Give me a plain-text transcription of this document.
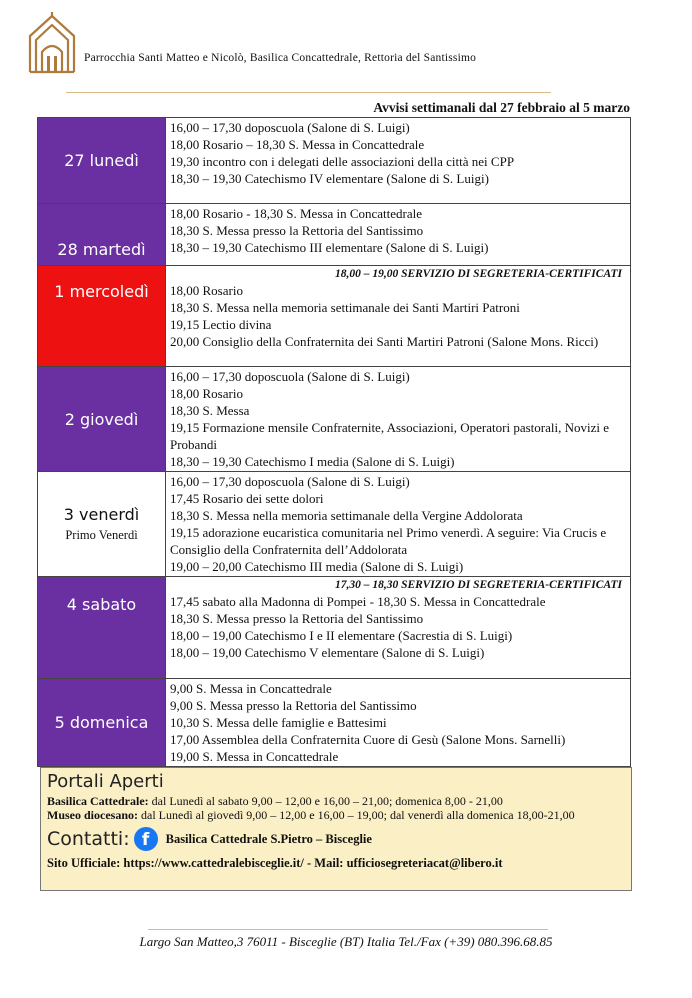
Parrocchia Santi Matteo e Nicolò, Basilica Concattedrale, Rettoria del Santissimo
Avvisi settimanali dal 27 febbraio al 5 marzo
27 lunedì	16,00 – 17,30 doposcuola (Salone di S. Luigi)
18,00 Rosario – 18,30 S. Messa in Concattedrale
19,30 incontro con i delegati delle associazioni della città nei CPP
18,30 – 19,30 Catechismo IV elementare (Salone di S. Luigi)

28 martedì	18,00 Rosario - 18,30 S. Messa in Concattedrale
18,30 S. Messa presso la Rettoria del Santissimo
18,30 – 19,30 Catechismo III elementare (Salone di S. Luigi)

1 mercoledì	18,00 – 19,00 SERVIZIO DI SEGRETERIA-CERTIFICATI
18,00 Rosario
18,30 S. Messa nella memoria settimanale dei Santi Martiri Patroni
19,15 Lectio divina
20,00 Consiglio della Confraternita dei Santi Martiri Patroni (Salone Mons. Ricci)

2 giovedì	16,00 – 17,30 doposcuola (Salone di S. Luigi)
18,00 Rosario
18,30 S. Messa
19,15 Formazione mensile Confraternite, Associazioni, Operatori pastorali, Novizi e Probandi
18,30 – 19,30 Catechismo I media (Salone di S. Luigi)

3 venerdì
Primo Venerdì	16,00 – 17,30 doposcuola (Salone di S. Luigi)
17,45 Rosario dei sette dolori
18,30 S. Messa nella memoria settimanale della Vergine Addolorata
19,15 adorazione eucaristica comunitaria nel Primo venerdì. A seguire: Via Crucis e Consiglio della Confraternita dell’Addolorata
19,00 – 20,00 Catechismo III media (Salone di S. Luigi)

4 sabato	17,30 – 18,30 SERVIZIO DI SEGRETERIA-CERTIFICATI
17,45 sabato alla Madonna di Pompei - 18,30 S. Messa in Concattedrale
18,30 S. Messa presso la Rettoria del Santissimo
18,00 – 19,00 Catechismo I e II elementare (Sacrestia di S. Luigi)
18,00 – 19,00 Catechismo V elementare (Salone di S. Luigi)

5 domenica	9,00 S. Messa in Concattedrale
9,00 S. Messa presso la Rettoria del Santissimo
10,30 S. Messa delle famiglie e Battesimi
17,00 Assemblea della Confraternita Cuore di Gesù (Salone Mons. Sarnelli)
19,00 S. Messa in Concattedrale
Portali Aperti
Basilica Cattedrale: dal Lunedì al sabato 9,00 – 12,00 e 16,00 – 21,00; domenica 8,00 - 21,00
Museo diocesano: dal Lunedì al giovedì 9,00 – 12,00 e 16,00 – 19,00; dal venerdì alla domenica 18,00-21,00
Contatti: f	Basilica Cattedrale S.Pietro – Bisceglie
Sito Ufficiale: https://www.cattedralebisceglie.it/ - Mail: ufficiosegreteriacat@libero.it
Largo San Matteo,3 76011 - Bisceglie (BT) Italia Tel./Fax (+39) 080.396.68.85
